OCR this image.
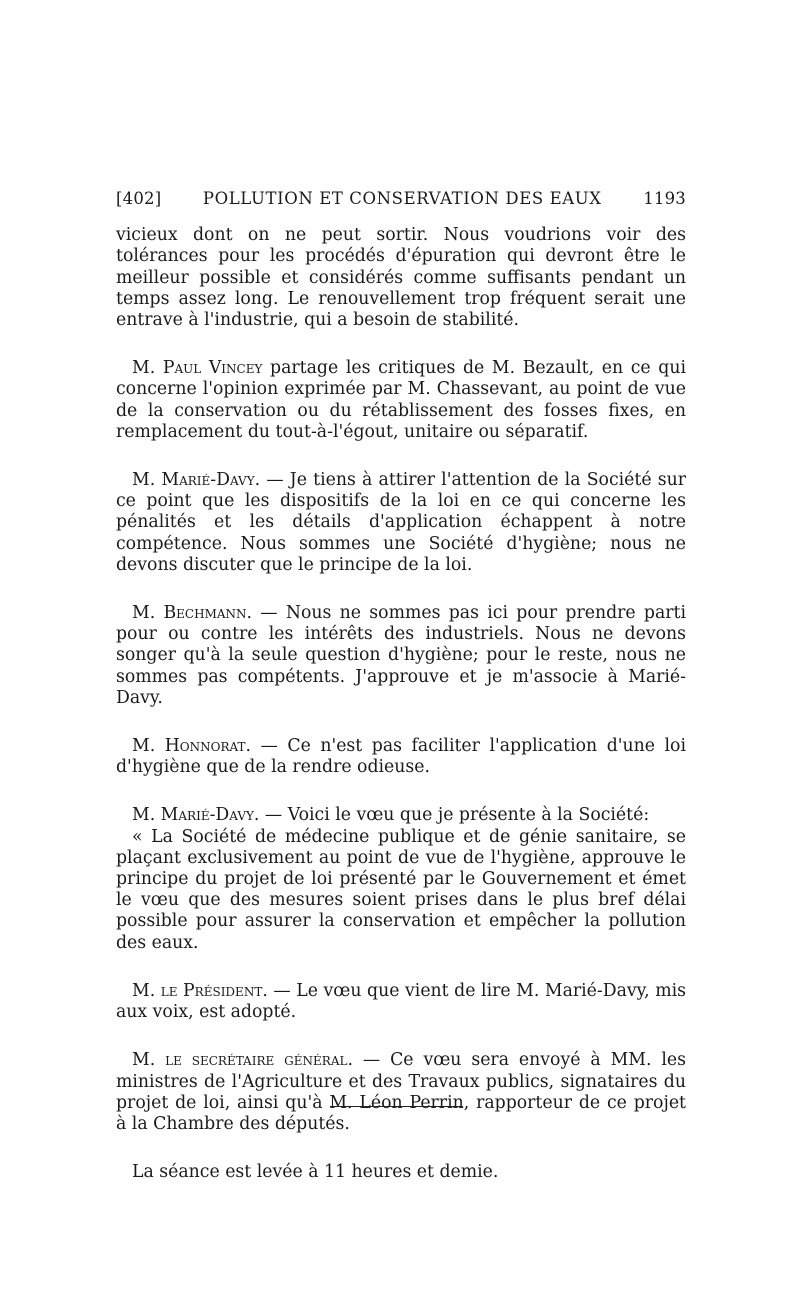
[402]	POLLUTION ET CONSERVATION DES EAUX	1193
vicieux dont on ne peut sortir. Nous voudrions voir des tolérances pour les procédés d'épuration qui devront être le meilleur possible et considérés comme suffisants pendant un temps assez long. Le renouvellement trop fréquent serait une entrave à l'industrie, qui a besoin de stabilité.
M. Paul Vincey partage les critiques de M. Bezault, en ce qui concerne l'opinion exprimée par M. Chassevant, au point de vue de la conservation ou du rétablissement des fosses fixes, en remplacement du tout-à-l'égout, unitaire ou séparatif.
M. Marié-Davy. — Je tiens à attirer l'attention de la Société sur ce point que les dispositifs de la loi en ce qui concerne les pénalités et les détails d'application échappent à notre compétence. Nous sommes une Société d'hygiène; nous ne devons discuter que le principe de la loi.
M. Bechmann. — Nous ne sommes pas ici pour prendre parti pour ou contre les intérêts des industriels. Nous ne devons songer qu'à la seule question d'hygiène; pour le reste, nous ne sommes pas compétents. J'approuve et je m'associe à Marié-Davy.
M. Honnorat. — Ce n'est pas faciliter l'application d'une loi d'hygiène que de la rendre odieuse.

M. Marié-Davy. — Voici le vœu que je présente à la Société:

« La Société de médecine publique et de génie sanitaire, se plaçant exclusivement au point de vue de l'hygiène, approuve le principe du projet de loi présenté par le Gouvernement et émet le vœu que des mesures soient prises dans le plus bref délai possible pour assurer la conservation et empêcher la pollution des eaux.

M. le Président. — Le vœu que vient de lire M. Marié-Davy, mis aux voix, est adopté.
M. le secrétaire général. — Ce vœu sera envoyé à MM. les ministres de l'Agriculture et des Travaux publics, signataires du projet de loi, ainsi qu'à M. Léon Perrin, rapporteur de ce projet à la Chambre des députés.
La séance est levée à 11 heures et demie.
